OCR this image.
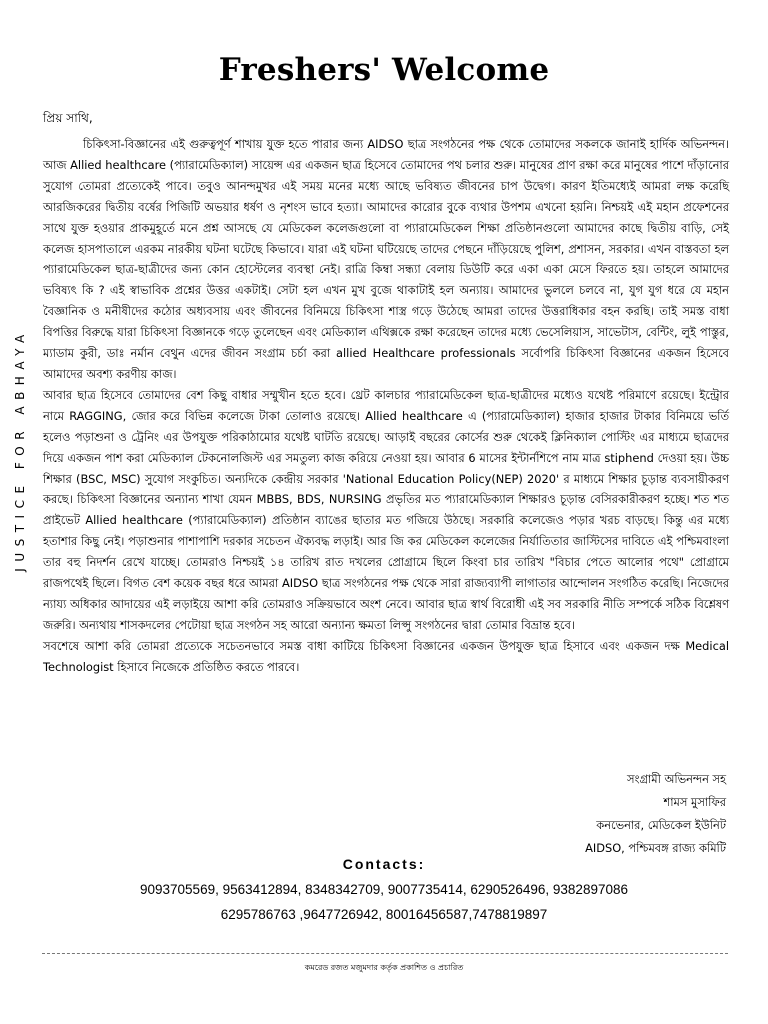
Freshers' Welcome
JUSTICE FOR ABHAYA
প্রিয় সাথি,

চিকিৎসা-বিজ্ঞানের এই গুরুত্বপূর্ণ শাখায় যুক্ত হতে পারার জন্য AIDSO ছাত্র সংগঠনের পক্ষ থেকে তোমাদের সকলকে জানাই হার্দিক অভিনন্দন। আজ Allied healthcare (প্যারামেডিক্যাল) সায়েন্স এর একজন ছাত্র হিসেবে তোমাদের পথ চলার শুরু। মানুষের প্রাণ রক্ষা করে মানুষের পাশে দাঁড়ানোর সুযোগ তোমরা প্রত্যেকেই পাবে। তবুও আনন্দমুখর এই সময় মনের মধ্যে আছে ভবিষ্যত জীবনের চাপ উদ্বেগ। কারণ ইতিমধ্যেই আমরা লক্ষ করেছি আরজিকরের দ্বিতীয় বর্ষের পিজিটি অভয়ার ধর্ষণ ও নৃশংস ভাবে হত্যা। আমাদের কারোর বুকে ব্যথার উপশম এখনো হয়নি। নিশ্চয়ই এই মহান প্রফেশনের সাথে যুক্ত হওয়ার প্রাকমুহূর্তে মনে প্রশ্ন আসছে যে মেডিকেল কলেজগুলো বা প্যারামেডিকেল শিক্ষা প্রতিষ্ঠানগুলো আমাদের কাছে দ্বিতীয় বাড়ি, সেই কলেজ হাসপাতালে এরকম নারকীয় ঘটনা ঘটেছে কিভাবে। যারা এই ঘটনা ঘটিয়েছে তাদের পেছনে দাঁড়িয়েছে পুলিশ, প্রশাসন, সরকার। এখন বাস্তবতা হল প্যারামেডিকেল ছাত্র-ছাত্রীদের জন্য কোন হোস্টেলের ব্যবস্থা নেই। রাত্রি কিম্বা সন্ধ্যা বেলায় ডিউটি করে একা একা মেসে ফিরতে হয়। তাহলে আমাদের ভবিষ্যৎ কি ? এই স্বাভাবিক প্রশ্নের উত্তর একটাই। সেটা হল এখন মুখ বুজে থাকাটাই হল অন্যায়। আমাদের ভুললে চলবে না, যুগ যুগ ধরে যে মহান বৈজ্ঞানিক ও মনীষীদের কঠোর অধ্যবসায় এবং জীবনের বিনিময়ে চিকিৎসা শাস্ত্র গড়ে উঠেছে আমরা তাদের উত্তরাধিকার বহন করছি। তাই সমস্ত বাধা বিপত্তির বিরুদ্ধে যারা চিকিৎসা বিজ্ঞানকে গড়ে তুলেছেন এবং মেডিক্যাল এথিক্সকে রক্ষা করেছেন তাদের মধ্যে ভেসেলিয়াস, সাভেটাস, বেন্টিং, লুই পাস্তুর, ম্যাডাম কুরী, ডাঃ নর্মান বেথুন এদের জীবন সংগ্রাম চর্চা করা allied Healthcare professionals সর্বোপরি চিকিৎসা বিজ্ঞানের একজন হিসেবে আমাদের অবশ্য করণীয় কাজ।

আবার ছাত্র হিসেবে তোমাদের বেশ কিছু বাধার সম্মুখীন হতে হবে। থ্রেট কালচার প্যারামেডিকেল ছাত্র-ছাত্রীদের মধ্যেও যথেষ্ট পরিমাণে রয়েছে। ইন্ট্রোর নামে RAGGING, জোর করে বিভিন্ন কলেজে টাকা তোলাও রয়েছে। Allied healthcare এ (প্যারামেডিক্যাল) হাজার হাজার টাকার বিনিময়ে ভর্তি হলেও পড়াশুনা ও ট্রেনিং এর উপযুক্ত পরিকাঠামোর যথেষ্ট ঘাটতি রয়েছে। আড়াই বছরের কোর্সের শুরু থেকেই ক্লিনিক্যাল পোস্টিং এর মাধ্যমে ছাত্রদের দিয়ে একজন পাশ করা মেডিক্যাল টেকনোলজিস্ট এর সমতুল্য কাজ করিয়ে নেওয়া হয়। আবার 6 মাসের ইন্টার্নশিপে নাম মাত্র stiphend দেওয়া হয়। উচ্চ শিক্ষার (BSC, MSC) সুযোগ সংকুচিত। অন্যদিকে কেন্দ্রীয় সরকার 'National Education Policy(NEP) 2020' র মাধ্যমে শিক্ষার চূড়ান্ত ব্যবসায়ীকরণ করছে। চিকিৎসা বিজ্ঞানের অন্যান্য শাখা যেমন MBBS, BDS, NURSING প্রভৃতির মত প্যারামেডিক্যাল শিক্ষারও চূড়ান্ত বেসিরকারীকরণ হচ্ছে। শত শত প্রাইভেট Allied healthcare (প্যারামেডিক্যাল) প্রতিষ্ঠান ব্যাঙের ছাতার মত গজিয়ে উঠছে। সরকারি কলেজেও পড়ার খরচ বাড়ছে। কিন্তু এর মধ্যে হতাশার কিছু নেই। পড়াশুনার পাশাপাশি দরকার সচেতন ঐক্যবদ্ধ লড়াই। আর জি কর মেডিকেল কলেজের নির্যাতিতার জাস্টিসের দাবিতে এই পশ্চিমবাংলা তার বহু নিদর্শন রেখে যাচ্ছে। তোমরাও নিশ্চয়ই ১৪ তারিখ রাত দখলের প্রোগ্রামে ছিলে কিংবা চার তারিখ "বিচার পেতে আলোর পথে" প্রোগ্রামে রাজপথেই ছিলে। বিগত বেশ কয়েক বছর ধরে আমরা AIDSO ছাত্র সংগঠনের পক্ষ থেকে সারা রাজ্যব্যাপী লাগাতার আন্দোলন সংগঠিত করেছি। নিজেদের ন্যায্য অধিকার আদায়ের এই লড়াইয়ে আশা করি তোমরাও সক্রিয়ভাবে অংশ নেবে। আবার ছাত্র স্বার্থ বিরোধী এই সব সরকারি নীতি সম্পর্কে সঠিক বিশ্লেষণ জরুরি। অন্যথায় শাসকদলের পেটোয়া ছাত্র সংগঠন সহ আরো অন্যান্য ক্ষমতা লিপ্সু সংগঠনের দ্বারা তোমার বিভ্রান্ত হবে।

সবশেষে আশা করি তোমরা প্রত্যেকে সচেতনভাবে সমস্ত বাধা কাটিয়ে চিকিৎসা বিজ্ঞানের একজন উপযুক্ত ছাত্র হিসাবে এবং একজন দক্ষ Medical Technologist হিসাবে নিজেকে প্রতিষ্ঠিত করতে পারবে।

সংগ্রামী অভিনন্দন সহ
শামস মুসাফির
কনভেনার, মেডিকেল ইউনিট
AIDSO, পশ্চিমবঙ্গ রাজ্য কমিটি
Contacts:
9093705569, 9563412894, 8348342709, 9007735414, 6290526496, 9382897086
6295786763 ,9647726942, 80016456587,7478819897
কমরেড রজত মজুমদার কর্তৃক প্রকাশিত ও প্রচারিত
